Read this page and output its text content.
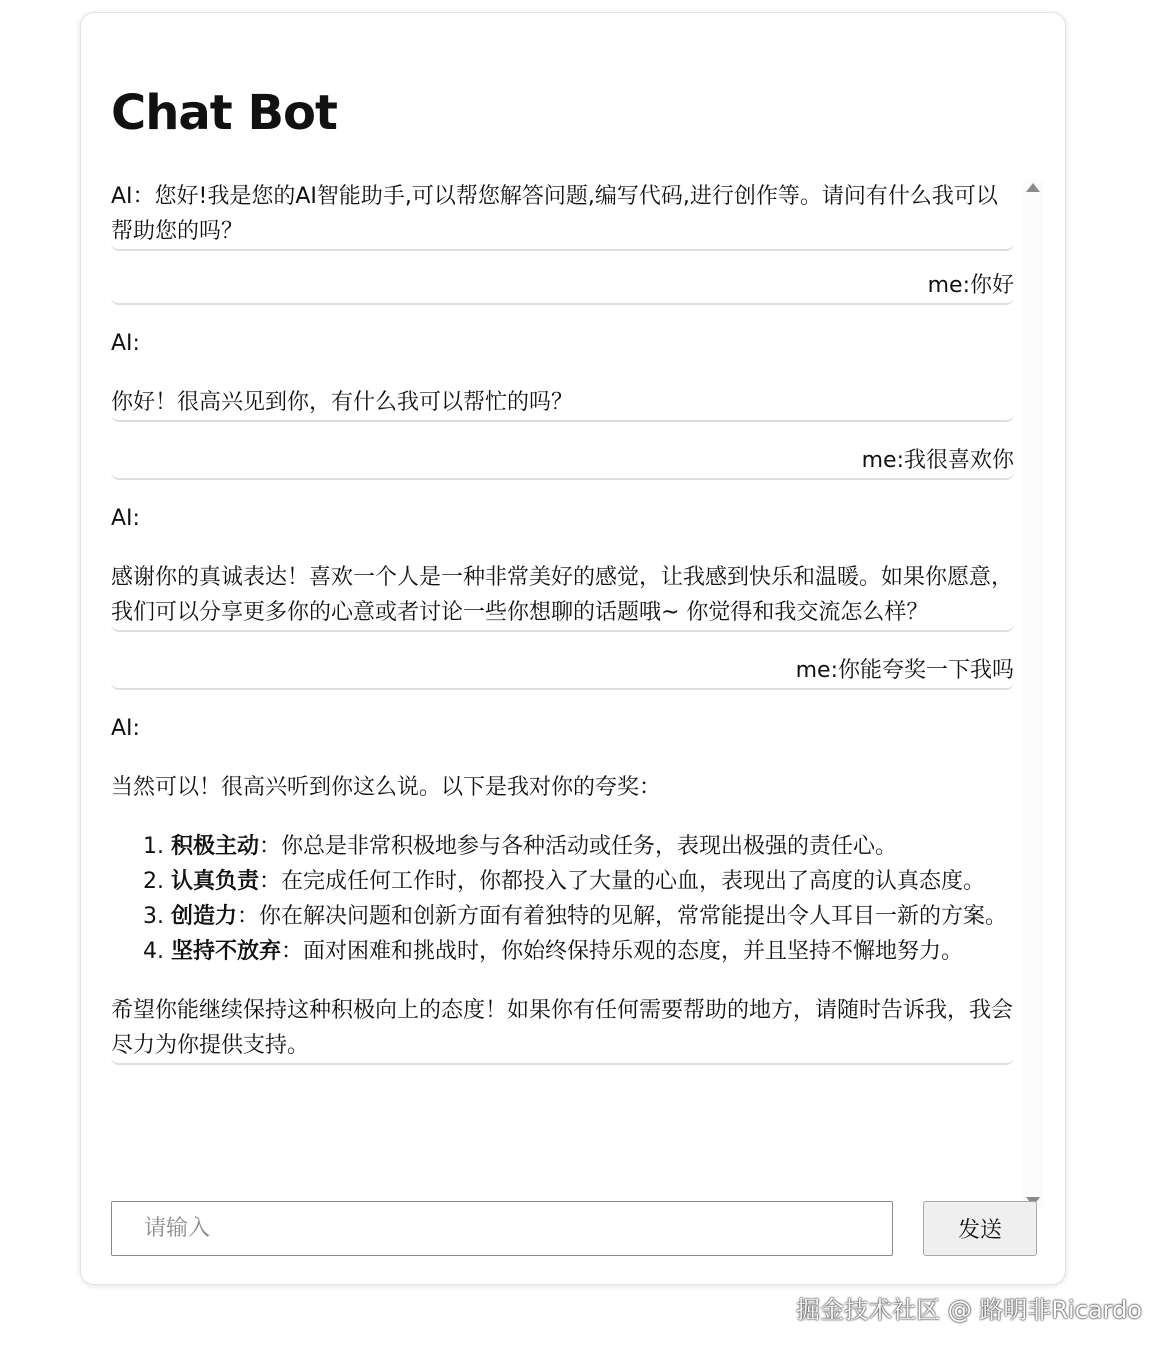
Chat Bot

AI：您好!我是您的AI智能助手,可以帮您解答问题,编写代码,进行创作等。请问有什么我可以帮助您的吗？

me:你好

AI:

你好！很高兴见到你，有什么我可以帮忙的吗？

me:我很喜欢你

AI:

感谢你的真诚表达！喜欢一个人是一种非常美好的感觉，让我感到快乐和温暖。如果你愿意，我们可以分享更多你的心意或者讨论一些你想聊的话题哦~ 你觉得和我交流怎么样？

me:你能夸奖一下我吗

AI:

当然可以！很高兴听到你这么说。以下是我对你的夸奖：

1. 积极主动：你总是非常积极地参与各种活动或任务，表现出极强的责任心。
2. 认真负责：在完成任何工作时，你都投入了大量的心血，表现出了高度的认真态度。
3. 创造力：你在解决问题和创新方面有着独特的见解，常常能提出令人耳目一新的方案。
4. 坚持不放弃：面对困难和挑战时，你始终保持乐观的态度，并且坚持不懈地努力。

希望你能继续保持这种积极向上的态度！如果你有任何需要帮助的地方，请随时告诉我，我会尽力为你提供支持。

请输入
发送
掘金技术社区 @ 路明非Ricardo
